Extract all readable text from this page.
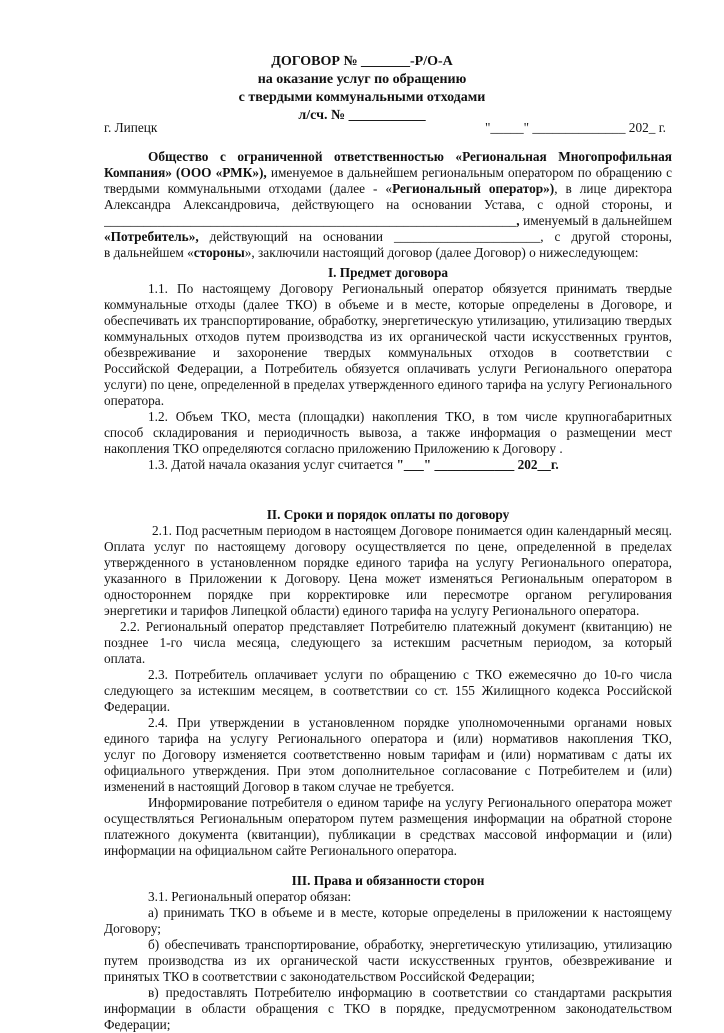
ДОГОВОР № _______-Р/О-А
на оказание услуг по обращению
с твердыми коммунальными отходами
л/сч. № ___________
г. Липецк	"_____" ______________ 202_ г.
Общество с ограниченной ответственностью «Региональная Многопрофильная
Компания» (ООО «РМК»), именуемое в дальнейшем региональным оператором по обращению с
твердыми коммунальными отходами (далее - «Региональный оператор»), в лице директора
Александра Александровича, действующего на основании Устава, с одной стороны, и
______________________________________________________________, именуемый в дальнейшем
«Потребитель», действующий на основании ______________________, с другой стороны,
в дальнейшем «стороны», заключили настоящий договор (далее Договор) о нижеследующем:
I. Предмет договора
1.1. По настоящему Договору Региональный оператор обязуется принимать твердые
коммунальные отходы (далее ТКО) в объеме и в месте, которые определены в Договоре, и
обеспечивать их транспортирование, обработку, энергетическую утилизацию, утилизацию твердых
коммунальных отходов путем производства из их органической части искусственных грунтов,
обезвреживание и захоронение твердых коммунальных отходов в соответствии с
Российской Федерации, а Потребитель обязуется оплачивать услуги Регионального оператора
услуги) по цене, определенной в пределах утвержденного единого тарифа на услугу Регионального
оператора.
1.2. Объем ТКО, места (площадки) накопления ТКО, в том числе крупногабаритных
способ складирования и периодичность вывоза, а также информация о размещении мест
накопления ТКО определяются согласно приложению Приложению к Договору .
1.3. Датой начала оказания услуг считается "___" ____________ 202__г.
II. Сроки и порядок оплаты по договору
2.1. Под расчетным периодом в настоящем Договоре понимается один календарный месяц.
Оплата услуг по настоящему договору осуществляется по цене, определенной в пределах
утвержденного в установленном порядке единого тарифа на услугу Регионального оператора,
указанного в Приложении к Договору. Цена может изменяться Региональным оператором в
одностороннем порядке при корректировке или пересмотре органом регулирования
энергетики и тарифов Липецкой области) единого тарифа на услугу Регионального оператора.
2.2. Региональный оператор представляет Потребителю платежный документ (квитанцию) не
позднее 1-го числа месяца, следующего за истекшим расчетным периодом, за который
оплата.
2.3. Потребитель оплачивает услуги по обращению с ТКО ежемесячно до 10-го числа
следующего за истекшим месяцем, в соответствии со ст. 155 Жилищного кодекса Российской
Федерации.
2.4. При утверждении в установленном порядке уполномоченными органами новых
единого тарифа на услугу Регионального оператора и (или) нормативов накопления ТКО,
услуг по Договору изменяется соответственно новым тарифам и (или) нормативам с даты их
официального утверждения. При этом дополнительное согласование с Потребителем и (или)
изменений в настоящий Договор в таком случае не требуется.
Информирование потребителя о едином тарифе на услугу Регионального оператора может
осуществляться Региональным оператором путем размещения информации на обратной стороне
платежного документа (квитанции), публикации в средствах массовой информации и (или)
информации на официальном сайте Регионального оператора.
III. Права и обязанности сторон
3.1. Региональный оператор обязан:
а) принимать ТКО в объеме и в месте, которые определены в приложении к настоящему
Договору;
б) обеспечивать транспортирование, обработку, энергетическую утилизацию, утилизацию
путем производства из их органической части искусственных грунтов, обезвреживание и
принятых ТКО в соответствии с законодательством Российской Федерации;
в) предоставлять Потребителю информацию в соответствии со стандартами раскрытия
информации в области обращения с ТКО в порядке, предусмотренном законодательством
Федерации;
